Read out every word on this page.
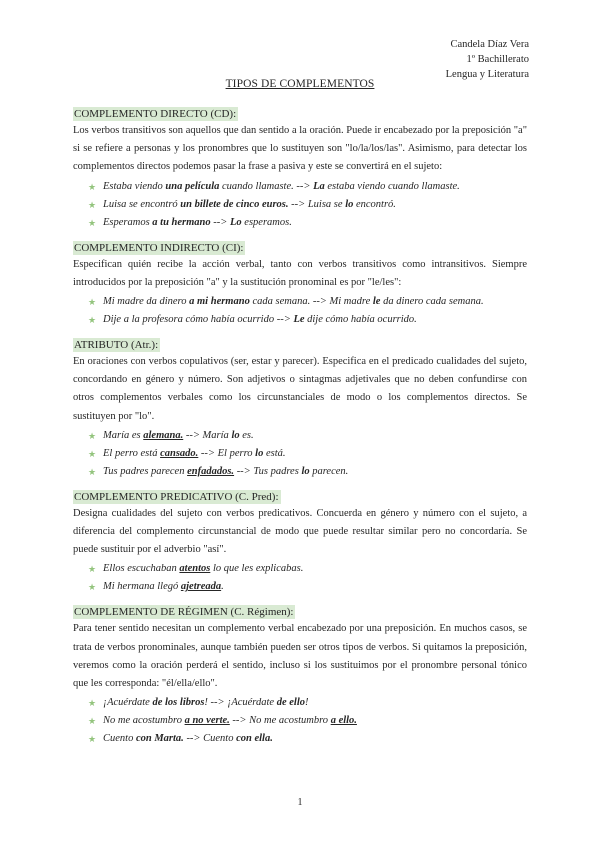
Candela Díaz Vera
1º Bachillerato
Lengua y Literatura
TIPOS DE COMPLEMENTOS
COMPLEMENTO DIRECTO (CD):

Los verbos transitivos son aquellos que dan sentido a la oración. Puede ir encabezado por la preposición "a" si se refiere a personas y los pronombres que lo sustituyen son "lo/la/los/las". Asimismo, para detectar los complementos directos podemos pasar la frase a pasiva y este se convertirá en el sujeto:

★ Estaba viendo una película cuando llamaste. --> La estaba viendo cuando llamaste.
★ Luisa se encontró un billete de cinco euros. --> Luisa se lo encontró.
★ Esperamos a tu hermano --> Lo esperamos.
COMPLEMENTO INDIRECTO (CI):

Especifican quién recibe la acción verbal, tanto con verbos transitivos como intransitivos. Siempre introducidos por la preposición "a" y la sustitución pronominal es por "le/les":

★ Mi madre da dinero a mi hermano cada semana. --> Mi madre le da dinero cada semana.
★ Dije a la profesora cómo había ocurrido --> Le dije cómo había ocurrido.
ATRIBUTO (Atr.):

En oraciones con verbos copulativos (ser, estar y parecer). Especifica en el predicado cualidades del sujeto, concordando en género y número. Son adjetivos o sintagmas adjetivales que no deben confundirse con otros complementos verbales como los circunstanciales de modo o los complementos directos. Se sustituyen por "lo".

★ María es alemana. --> María lo es.
★ El perro está cansado. --> El perro lo está.
★ Tus padres parecen enfadados. --> Tus padres lo parecen.
COMPLEMENTO PREDICATIVO (C. Pred):

Designa cualidades del sujeto con verbos predicativos. Concuerda en género y número con el sujeto, a diferencia del complemento circunstancial de modo que puede resultar similar pero no concordaría. Se puede sustituir por el adverbio "así".

★ Ellos escuchaban atentos lo que les explicabas.
★ Mi hermana llegó ajetreada.
COMPLEMENTO DE RÉGIMEN (C. Régimen):

Para tener sentido necesitan un complemento verbal encabezado por una preposición. En muchos casos, se trata de verbos pronominales, aunque también pueden ser otros tipos de verbos. Si quitamos la preposición, veremos como la oración perderá el sentido, incluso si los sustituimos por el pronombre personal tónico que les corresponda: "él/ella/ello".

★ ¡Acuérdate de los libros! --> ¡Acuérdate de ello!
★ No me acostumbro a no verte. --> No me acostumbro a ello.
★ Cuento con Marta. --> Cuento con ella.
1
